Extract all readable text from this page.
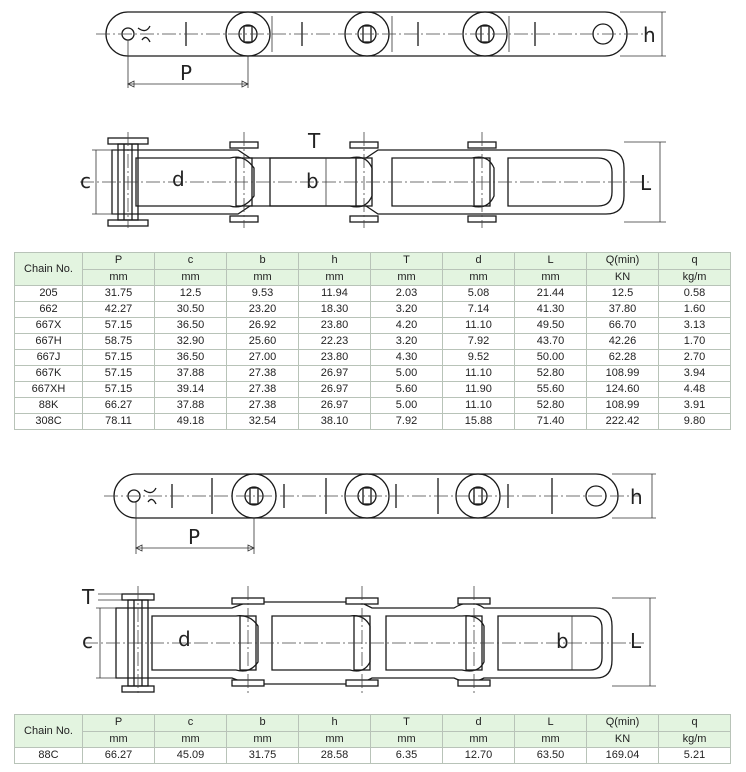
P
h
c	d	b
T
L
Chain No.	P	c	b	h	T	d	L	Q(min)	q
	mm	mm	mm	mm	mm	mm	mm	KN	kg/m
205	31.75	12.5	9.53	11.94	2.03	5.08	21.44	12.5	0.58
662	42.27	30.50	23.20	18.30	3.20	7.14	41.30	37.80	1.60
667X	57.15	36.50	26.92	23.80	4.20	11.10	49.50	66.70	3.13
667H	58.75	32.90	25.60	22.23	3.20	7.92	43.70	42.26	1.70
667J	57.15	36.50	27.00	23.80	4.30	9.52	50.00	62.28	2.70
667K	57.15	37.88	27.38	26.97	5.00	11.10	52.80	108.99	3.94
667XH	57.15	39.14	27.38	26.97	5.60	11.90	55.60	124.60	4.48
88K	66.27	37.88	27.38	26.97	5.00	11.10	52.80	108.99	3.91
308C	78.11	49.18	32.54	38.10	7.92	15.88	71.40	222.42	9.80
P
h
T
c	d	b	L
Chain No.	P	c	b	h	T	d	L	Q(min)	q
	mm	mm	mm	mm	mm	mm	mm	KN	kg/m
88C	66.27	45.09	31.75	28.58	6.35	12.70	63.50	169.04	5.21
